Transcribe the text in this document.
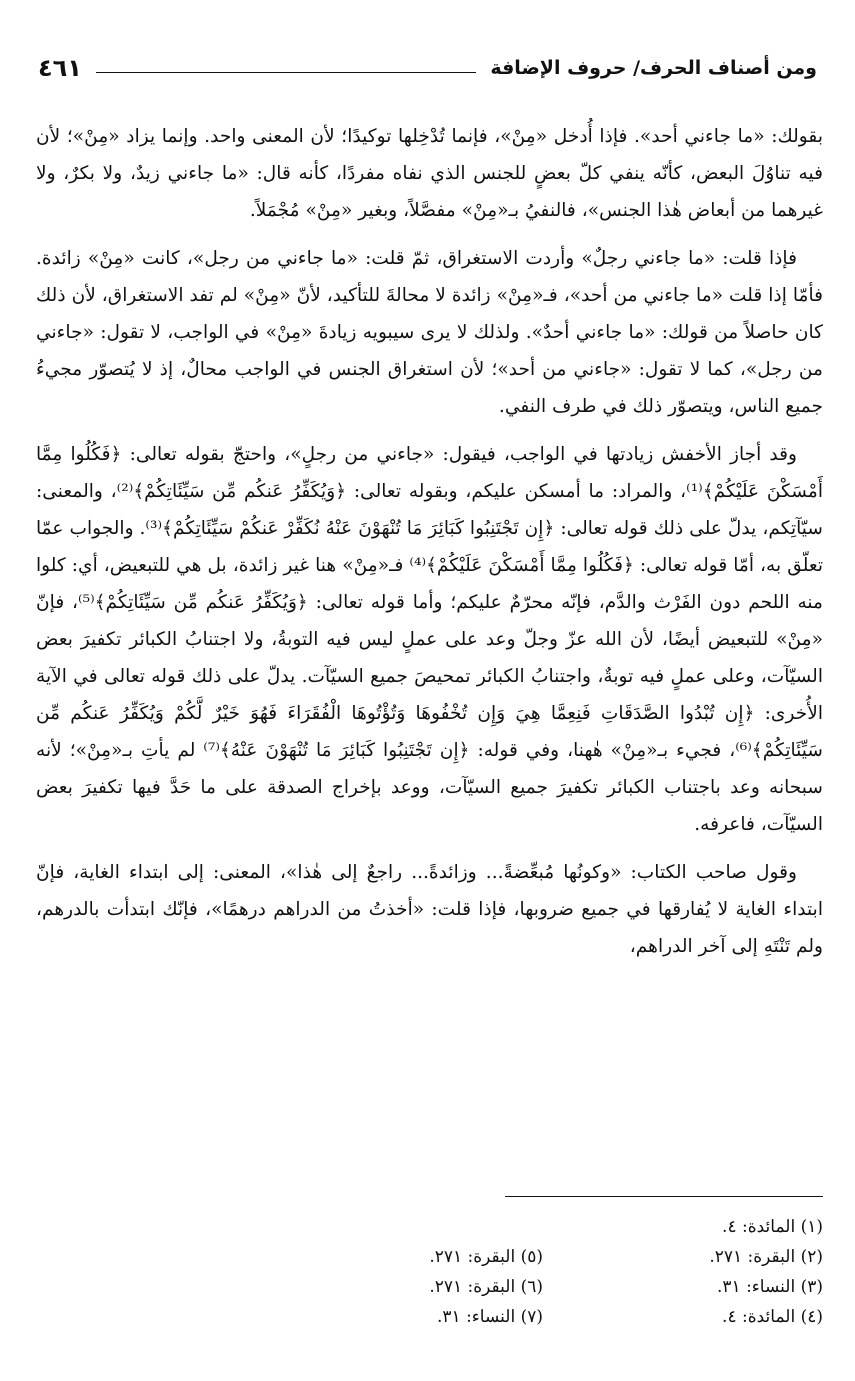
ومن أصناف الحرف/ حروف الإضافة
٤٦١

بقولك: «ما جاءني أحد». فإذا أُدخل «مِنْ»، فإنما تُدْخِلها توكيدًا؛ لأن المعنى واحد. وإنما يزاد «مِنْ»؛ لأن فيه تناوُلَ البعض، كأنّه ينفي كلّ بعضٍ للجنس الذي نفاه مفردًا، كأنه قال: «ما جاءني زيدٌ، ولا بكرٌ، ولا غيرهما من أبعاض هٰذا الجنس»، فالنفيُ بـ«مِنْ» مفصَّلاً، وبغير «مِنْ» مُجْمَلاً.

فإذا قلت: «ما جاءني رجلٌ» وأردت الاستغراق، ثمّ قلت: «ما جاءني من رجل»، كانت «مِنْ» زائدة. فأمّا إذا قلت «ما جاءني من أحد»، فـ«مِنْ» زائدة لا محالةَ للتأكيد، لأنّ «مِنْ» لم تفد الاستغراق، لأن ذلك كان حاصلاً من قولك: «ما جاءني أحدٌ». ولذلك لا يرى سيبويه زيادةَ «مِنْ» في الواجب، لا تقول: «جاءني من رجل»، كما لا تقول: «جاءني من أحد»؛ لأن استغراق الجنس في الواجب محالٌ، إذ لا يُتصوّر مجيءُ جميع الناس، ويتصوّر ذلك في طرف النفي.

وقد أجاز الأخفش زيادتها في الواجب، فيقول: «جاءني من رجلٍ»، واحتجّ بقوله تعالى: ﴿فَكُلُوا مِمَّا أَمْسَكْنَ عَلَيْكُمْ﴾⁽¹⁾، والمراد: ما أمسكن عليكم، وبقوله تعالى: ﴿وَيُكَفِّرُ عَنكُم مِّن سَيِّئَاتِكُمْ﴾⁽²⁾، والمعنى: سيّآتِكم، يدلّ على ذلك قوله تعالى: ﴿إِن تَجْتَنِبُوا كَبَائِرَ مَا تُنْهَوْنَ عَنْهُ نُكَفِّرْ عَنكُمْ سَيِّئَاتِكُمْ﴾⁽³⁾. والجواب عمّا تعلّق به، أمّا قوله تعالى: ﴿فَكُلُوا مِمَّا أَمْسَكْنَ عَلَيْكُمْ﴾⁽⁴⁾ فـ«مِنْ» هنا غير زائدة، بل هي للتبعيض، أي: كلوا منه اللحم دون الفَرْث والدَّم، فإنّه محرّمٌ عليكم؛ وأما قوله تعالى: ﴿وَيُكَفِّرُ عَنكُم مِّن سَيِّئَاتِكُمْ﴾⁽⁵⁾، فإنّ «مِنْ» للتبعيض أيضًا، لأن الله عزّ وجلّ وعد على عملٍ ليس فيه التوبةُ، ولا اجتنابُ الكبائر تكفيرَ بعض السيّآت، وعلى عملٍ فيه توبةٌ، واجتنابُ الكبائر تمحيصَ جميع السيّآت. يدلّ على ذلك قوله تعالى في الآية الأُخرى: ﴿إِن تُبْدُوا الصَّدَقَاتِ فَنِعِمَّا هِيَ وَإِن تُخْفُوهَا وَتُؤْتُوهَا الْفُقَرَاءَ فَهُوَ خَيْرٌ لَّكُمْ وَيُكَفِّرُ عَنكُم مِّن سَيِّئَاتِكُمْ﴾⁽⁶⁾، فجيء بـ«مِنْ» هٰهنا، وفي قوله: ﴿إِن تَجْتَنِبُوا كَبَائِرَ مَا تُنْهَوْنَ عَنْهُ﴾⁽⁷⁾ لم يأتِ بـ«مِنْ»؛ لأنه سبحانه وعد باجتناب الكبائر تكفيرَ جميع السيّآت، ووعد بإخراج الصدقة على ما حَدَّ فيها تكفيرَ بعض السيّآت، فاعرفه.

وقول صاحب الكتاب: «وكونُها مُبعِّضةً... وزائدةً... راجعٌ إلى هٰذا»، المعنى: إلى ابتداء الغاية، فإنّ ابتداء الغاية لا يُفارقها في جميع ضروبها، فإذا قلت: «أخذتُ من الدراهم درهمًا»، فإنّك ابتدأت بالدرهم، ولم تَنْتَهِ إلى آخر الدراهم،

(١) المائدة: ٤.
(٢) البقرة: ٢٧١.
(٣) النساء: ٣١.
(٤) المائدة: ٤.
(٥) البقرة: ٢٧١.
(٦) البقرة: ٢٧١.
(٧) النساء: ٣١.
